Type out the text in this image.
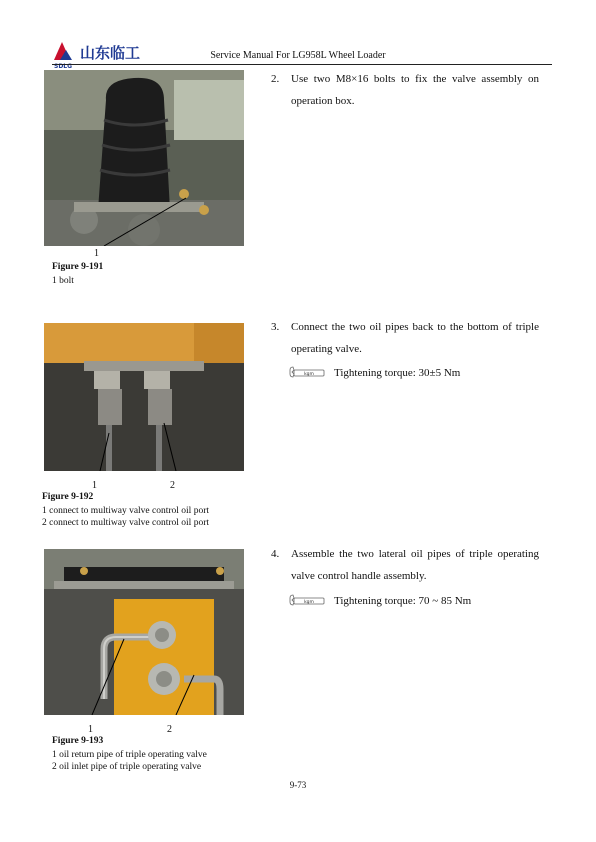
山东临工
SDLG
Service Manual For LG958L Wheel Loader
1
Figure 9-191
1 bolt
2. Use two M8×16 bolts to fix the valve assembly on operation box.
1	2
Figure 9-192
1 connect to multiway valve control oil port
2 connect to multiway valve control oil port
3. Connect the two oil pipes back to the bottom of triple operating valve.
kgm Tightening torque: 30±5 Nm
1	2
Figure 9-193
1 oil return pipe of triple operating valve
2 oil inlet pipe of triple operating valve
4. Assemble the two lateral oil pipes of triple operating valve control handle assembly.
kgm Tightening torque: 70 ~ 85 Nm
9-73
